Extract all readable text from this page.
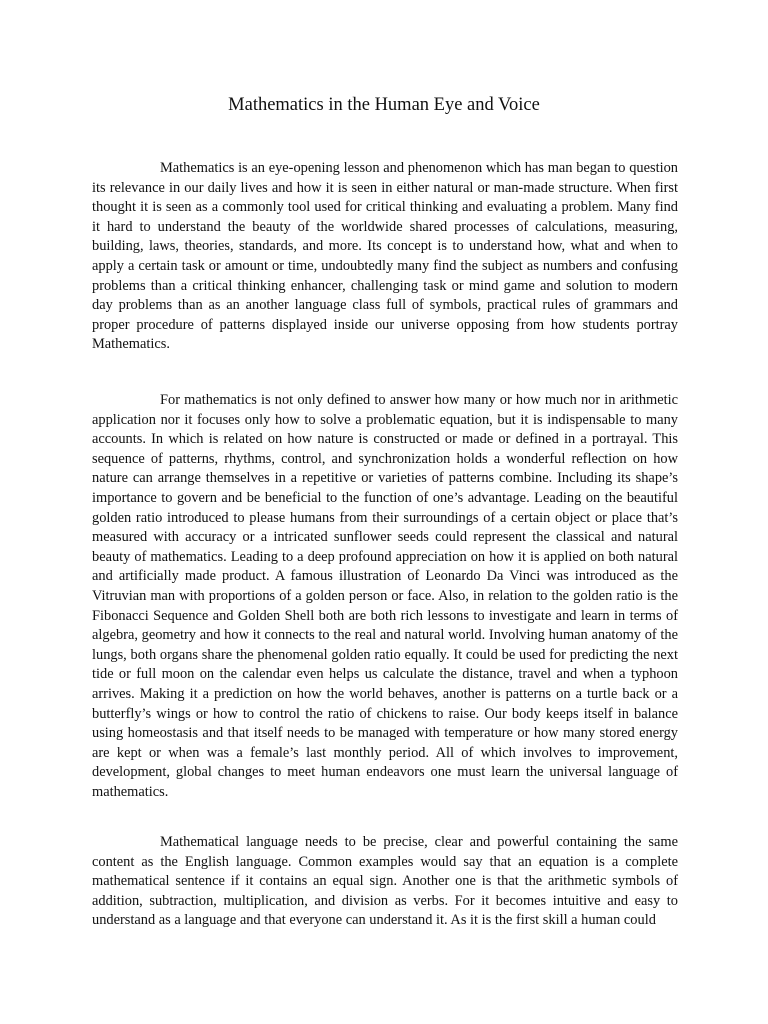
Mathematics in the Human Eye and Voice

Mathematics is an eye-opening lesson and phenomenon which has man began to question its relevance in our daily lives and how it is seen in either natural or man-made structure. When first thought it is seen as a commonly tool used for critical thinking and evaluating a problem. Many find it hard to understand the beauty of the worldwide shared processes of calculations, measuring, building, laws, theories, standards, and more. Its concept is to understand how, what and when to apply a certain task or amount or time, undoubtedly many find the subject as numbers and confusing problems than a critical thinking enhancer, challenging task or mind game and solution to modern day problems than as an another language class full of symbols, practical rules of grammars and proper procedure of patterns displayed inside our universe opposing from how students portray Mathematics.

For mathematics is not only defined to answer how many or how much nor in arithmetic application nor it focuses only how to solve a problematic equation, but it is indispensable to many accounts. In which is related on how nature is constructed or made or defined in a portrayal. This sequence of patterns, rhythms, control, and synchronization holds a wonderful reflection on how nature can arrange themselves in a repetitive or varieties of patterns combine. Including its shape’s importance to govern and be beneficial to the function of one’s advantage. Leading on the beautiful golden ratio introduced to please humans from their surroundings of a certain object or place that’s measured with accuracy or a intricated sunflower seeds could represent the classical and natural beauty of mathematics. Leading to a deep profound appreciation on how it is applied on both natural and artificially made product. A famous illustration of Leonardo Da Vinci was introduced as the Vitruvian man with proportions of a golden person or face. Also, in relation to the golden ratio is the Fibonacci Sequence and Golden Shell both are both rich lessons to investigate and learn in terms of algebra, geometry and how it connects to the real and natural world. Involving human anatomy of the lungs, both organs share the phenomenal golden ratio equally. It could be used for predicting the next tide or full moon on the calendar even helps us calculate the distance, travel and when a typhoon arrives. Making it a prediction on how the world behaves, another is patterns on a turtle back or a butterfly’s wings or how to control the ratio of chickens to raise. Our body keeps itself in balance using homeostasis and that itself needs to be managed with temperature or how many stored energy are kept or when was a female’s last monthly period. All of which involves to improvement, development, global changes to meet human endeavors one must learn the universal language of mathematics.

Mathematical language needs to be precise, clear and powerful containing the same content as the English language. Common examples would say that an equation is a complete mathematical sentence if it contains an equal sign. Another one is that the arithmetic symbols of addition, subtraction, multiplication, and division as verbs. For it becomes intuitive and easy to understand as a language and that everyone can understand it. As it is the first skill a human could
